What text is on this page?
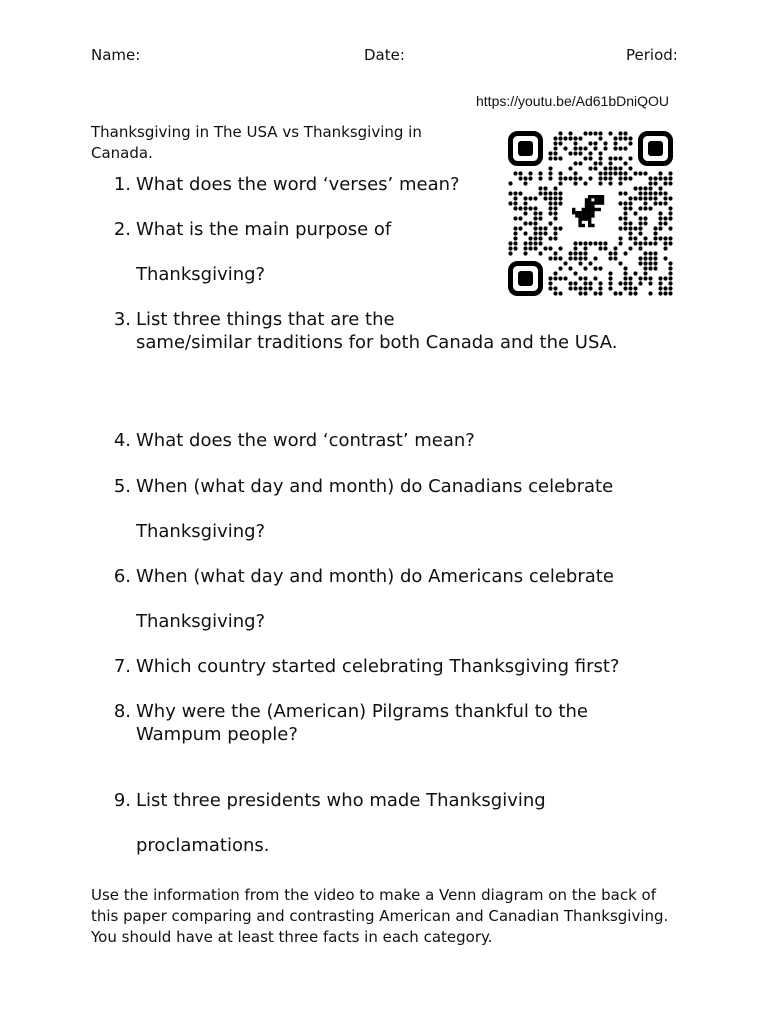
Name:	Date:	Period:
https://youtu.be/Ad61bDniQOU
Thanksgiving in The USA vs Thanksgiving in
Canada.
1. What does the word ‘verses’ mean?
2. What is the main purpose of
Thanksgiving?
3. List three things that are the
same/similar traditions for both Canada and the USA.
4. What does the word ‘contrast’ mean?
5. When (what day and month) do Canadians celebrate
Thanksgiving?
6. When (what day and month) do Americans celebrate
Thanksgiving?
7. Which country started celebrating Thanksgiving first?
8. Why were the (American) Pilgrams thankful to the
Wampum people?
9. List three presidents who made Thanksgiving
proclamations.
Use the information from the video to make a Venn diagram on the back of
this paper comparing and contrasting American and Canadian Thanksgiving.
You should have at least three facts in each category.
